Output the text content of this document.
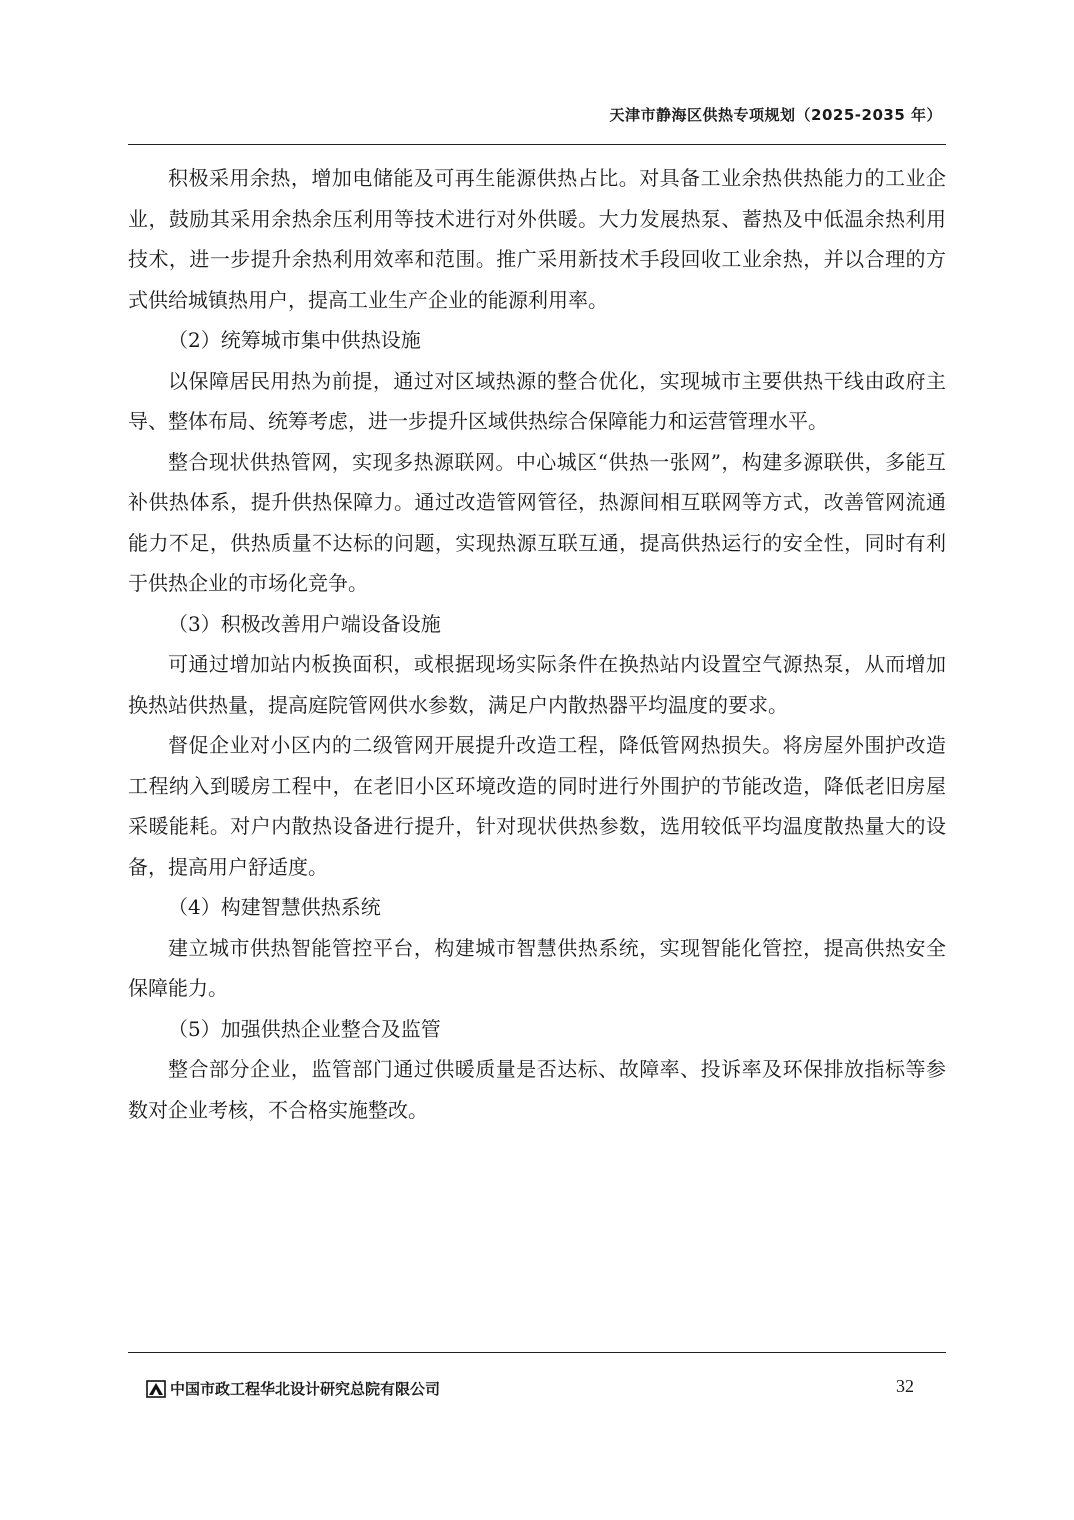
天津市静海区供热专项规划（2025-2035 年）

积极采用余热，增加电储能及可再生能源供热占比。对具备工业余热供热能力的工业企业，鼓励其采用余热余压利用等技术进行对外供暖。大力发展热泵、蓄热及中低温余热利用技术，进一步提升余热利用效率和范围。推广采用新技术手段回收工业余热，并以合理的方式供给城镇热用户，提高工业生产企业的能源利用率。

（2）统筹城市集中供热设施

以保障居民用热为前提，通过对区域热源的整合优化，实现城市主要供热干线由政府主导、整体布局、统筹考虑，进一步提升区域供热综合保障能力和运营管理水平。

整合现状供热管网，实现多热源联网。中心城区“供热一张网”，构建多源联供，多能互补供热体系，提升供热保障力。通过改造管网管径，热源间相互联网等方式，改善管网流通能力不足，供热质量不达标的问题，实现热源互联互通，提高供热运行的安全性，同时有利于供热企业的市场化竞争。

（3）积极改善用户端设备设施

可通过增加站内板换面积，或根据现场实际条件在换热站内设置空气源热泵，从而增加换热站供热量，提高庭院管网供水参数，满足户内散热器平均温度的要求。

督促企业对小区内的二级管网开展提升改造工程，降低管网热损失。将房屋外围护改造工程纳入到暖房工程中，在老旧小区环境改造的同时进行外围护的节能改造，降低老旧房屋采暖能耗。对户内散热设备进行提升，针对现状供热参数，选用较低平均温度散热量大的设备，提高用户舒适度。

（4）构建智慧供热系统

建立城市供热智能管控平台，构建城市智慧供热系统，实现智能化管控，提高供热安全保障能力。

（5）加强供热企业整合及监管

整合部分企业，监管部门通过供暖质量是否达标、故障率、投诉率及环保排放指标等参数对企业考核，不合格实施整改。

中国市政工程华北设计研究总院有限公司	32
